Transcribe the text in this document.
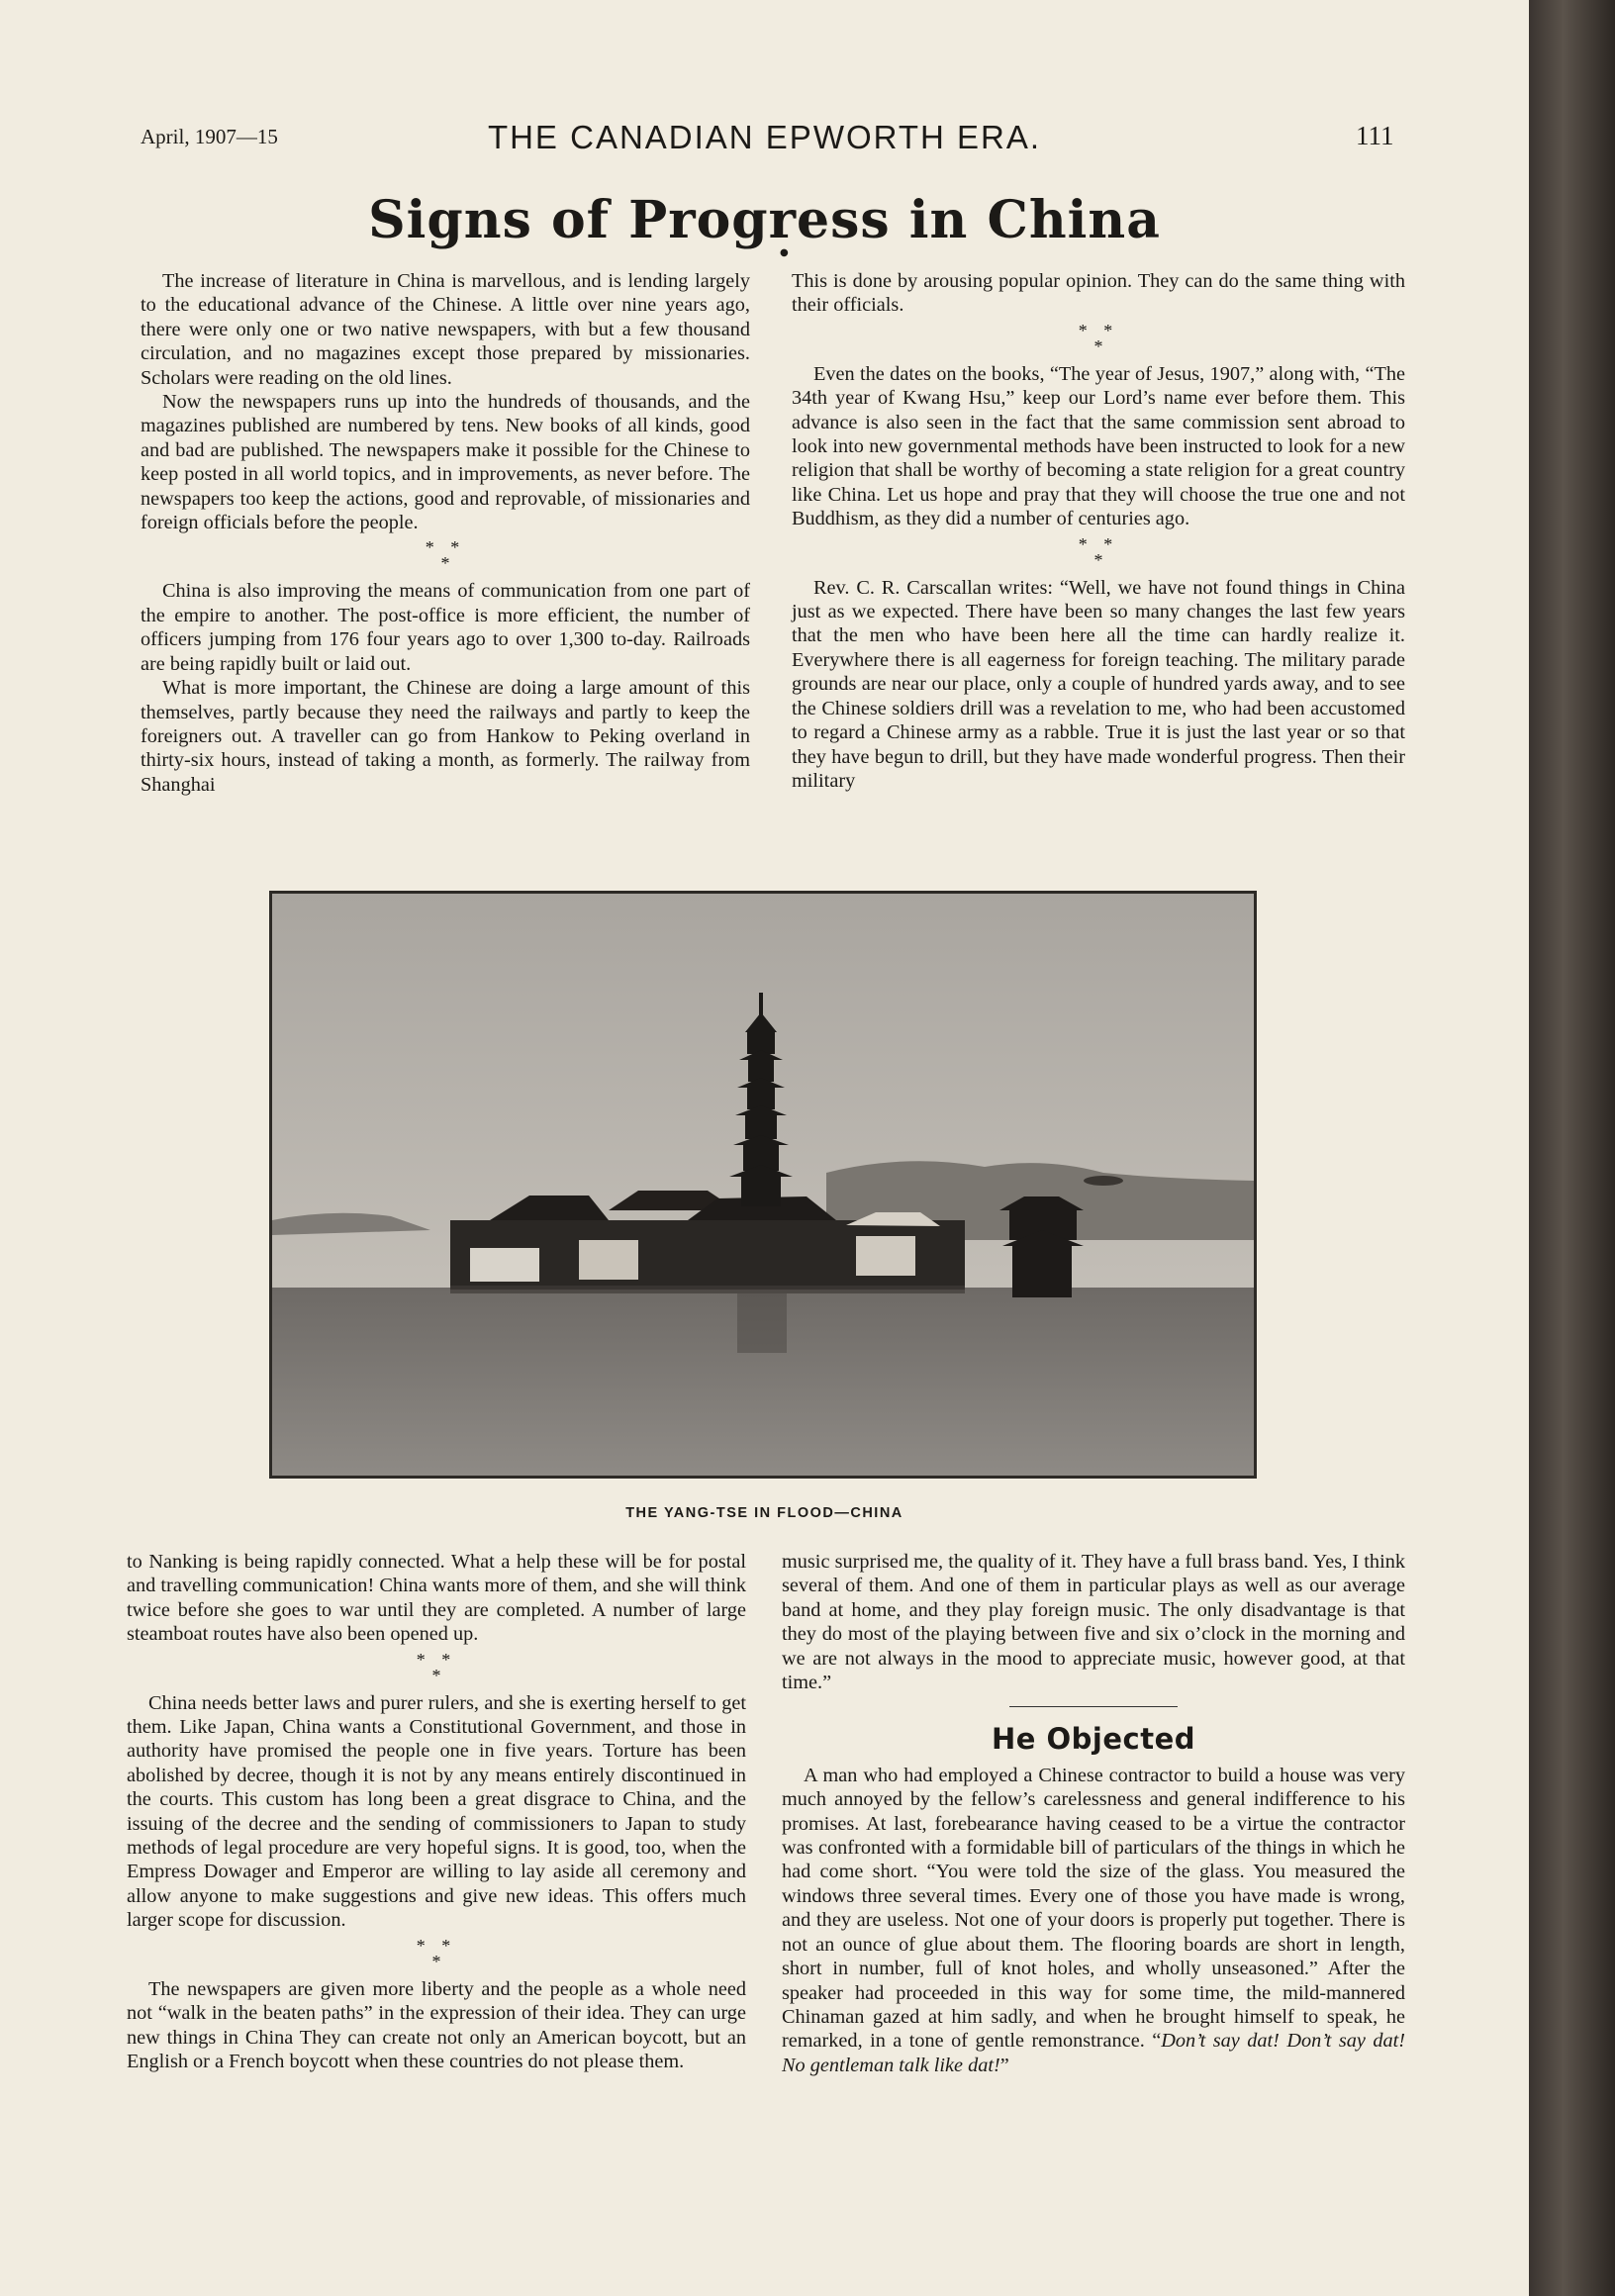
April, 1907—15	THE CANADIAN EPWORTH ERA.	111
Signs of Progress in China
●

The increase of literature in China is marvellous, and is lending largely to the educational advance of the Chinese. A little over nine years ago, there were only one or two native newspapers, with but a few thousand circulation, and no magazines except those prepared by missionaries. Scholars were reading on the old lines.

Now the newspapers runs up into the hundreds of thousands, and the magazines published are numbered by tens. New books of all kinds, good and bad are published. The newspapers make it possible for the Chinese to keep posted in all world topics, and in improvements, as never before. The newspapers too keep the actions, good and reprovable, of missionaries and foreign officials before the people.

* *
*

China is also improving the means of communication from one part of the empire to another. The post-office is more efficient, the number of officers jumping from 176 four years ago to over 1,300 to-day. Railroads are being rapidly built or laid out.

What is more important, the Chinese are doing a large amount of this themselves, partly because they need the railways and partly to keep the foreigners out. A traveller can go from Hankow to Peking overland in thirty-six hours, instead of taking a month, as formerly. The railway from Shanghai

This is done by arousing popular opinion. They can do the same thing with their officials.

* *
*

Even the dates on the books, “The year of Jesus, 1907,” along with, “The 34th year of Kwang Hsu,” keep our Lord’s name ever before them. This advance is also seen in the fact that the same commission sent abroad to look into new governmental methods have been instructed to look for a new religion that shall be worthy of becoming a state religion for a great country like China. Let us hope and pray that they will choose the true one and not Buddhism, as they did a number of centuries ago.

* *
*

Rev. C. R. Carscallan writes: “Well, we have not found things in China just as we expected. There have been so many changes the last few years that the men who have been here all the time can hardly realize it. Everywhere there is all eagerness for foreign teaching. The military parade grounds are near our place, only a couple of hundred yards away, and to see the Chinese soldiers drill was a revelation to me, who had been accustomed to regard a Chinese army as a rabble. True it is just the last year or so that they have begun to drill, but they have made wonderful progress. Then their military

THE YANG-TSE IN FLOOD—CHINA

to Nanking is being rapidly connected. What a help these will be for postal and travelling communication! China wants more of them, and she will think twice before she goes to war until they are completed. A number of large steamboat routes have also been opened up.

* *
*

China needs better laws and purer rulers, and she is exerting herself to get them. Like Japan, China wants a Constitutional Government, and those in authority have promised the people one in five years. Torture has been abolished by decree, though it is not by any means entirely discontinued in the courts. This custom has long been a great disgrace to China, and the issuing of the decree and the sending of commissioners to Japan to study methods of legal procedure are very hopeful signs. It is good, too, when the Empress Dowager and Emperor are willing to lay aside all ceremony and allow anyone to make suggestions and give new ideas. This offers much larger scope for discussion.

* *
*

The newspapers are given more liberty and the people as a whole need not “walk in the beaten paths” in the expression of their idea. They can urge new things in China They can create not only an American boycott, but an English or a French boycott when these countries do not please them.

music surprised me, the quality of it. They have a full brass band. Yes, I think several of them. And one of them in particular plays as well as our average band at home, and they play foreign music. The only disadvantage is that they do most of the playing between five and six o’clock in the morning and we are not always in the mood to appreciate music, however good, at that time.”

He Objected

A man who had employed a Chinese contractor to build a house was very much annoyed by the fellow’s carelessness and general indifference to his promises. At last, forebearance having ceased to be a virtue the contractor was confronted with a formidable bill of particulars of the things in which he had come short. “You were told the size of the glass. You measured the windows three several times. Every one of those you have made is wrong, and they are useless. Not one of your doors is properly put together. There is not an ounce of glue about them. The flooring boards are short in length, short in number, full of knot holes, and wholly unseasoned.” After the speaker had proceeded in this way for some time, the mild-mannered Chinaman gazed at him sadly, and when he brought himself to speak, he remarked, in a tone of gentle remonstrance. “Don’t say dat! Don’t say dat! No gentleman talk like dat!”
